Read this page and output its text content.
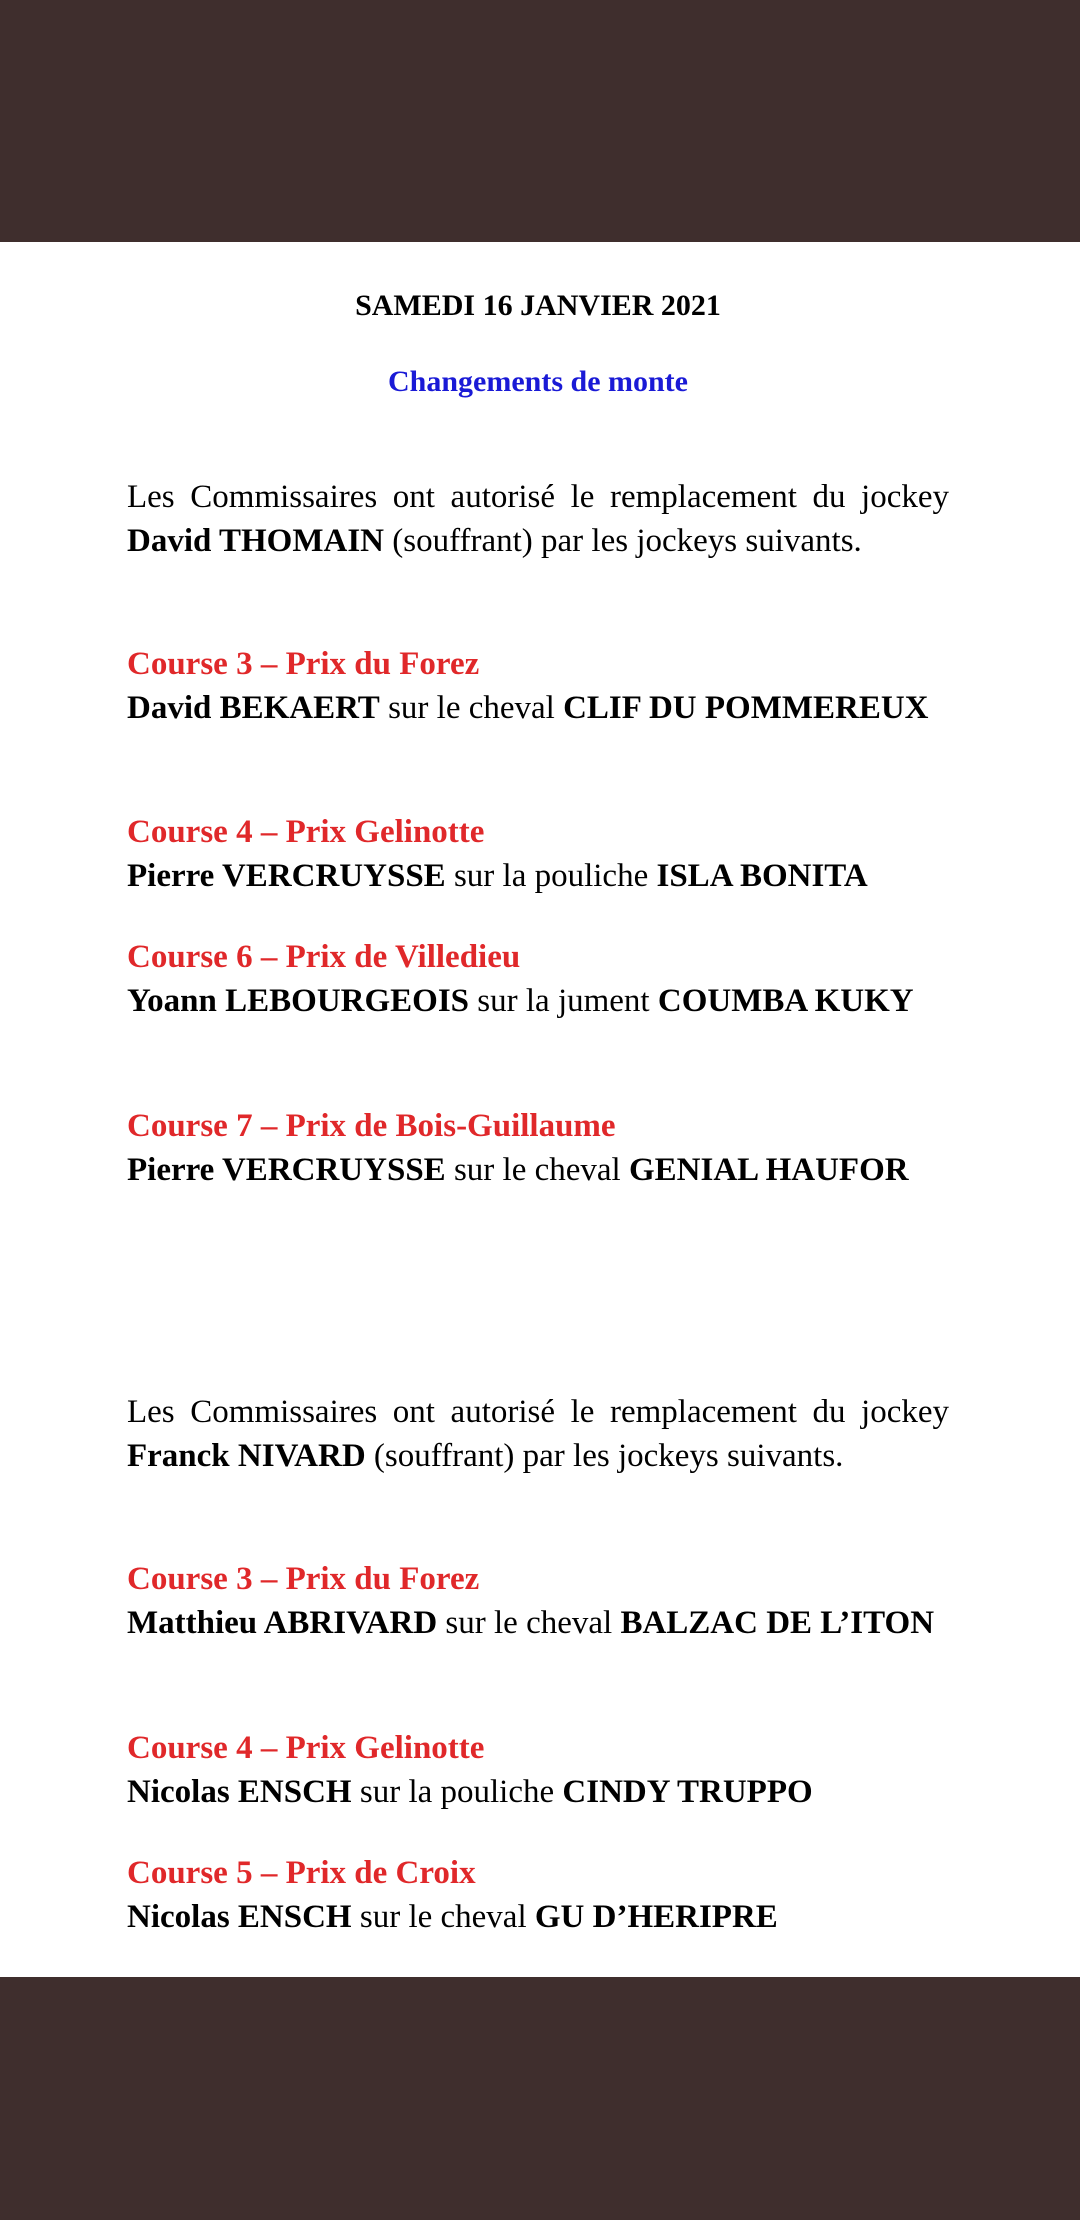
SAMEDI 16 JANVIER 2021

Changements de monte

Les Commissaires ont autorisé le remplacement du jockey David THOMAIN (souffrant) par les jockeys suivants.

Course 3 – Prix du Forez
David BEKAERT sur le cheval CLIF DU POMMEREUX
Course 4 – Prix Gelinotte
Pierre VERCRUYSSE sur la pouliche ISLA BONITA
Course 6 – Prix de Villedieu
Yoann LEBOURGEOIS sur la jument COUMBA KUKY
Course 7 – Prix de Bois-Guillaume
Pierre VERCRUYSSE sur le cheval GENIAL HAUFOR

Les Commissaires ont autorisé le remplacement du jockey Franck NIVARD (souffrant) par les jockeys suivants.

Course 3 – Prix du Forez
Matthieu ABRIVARD sur le cheval BALZAC DE L’ITON
Course 4 – Prix Gelinotte
Nicolas ENSCH sur la pouliche CINDY TRUPPO
Course 5 – Prix de Croix
Nicolas ENSCH sur le cheval GU D’HERIPRE
